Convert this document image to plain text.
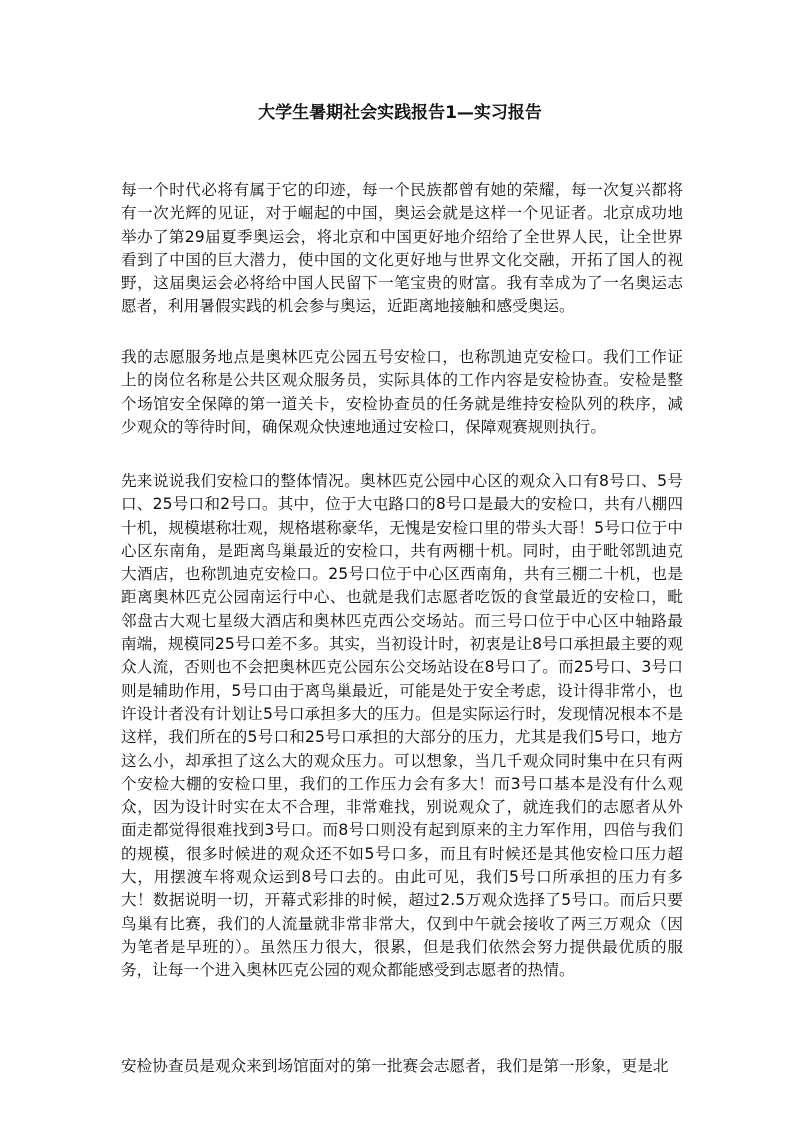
大学生暑期社会实践报告1—实习报告

每一个时代必将有属于它的印迹，每一个民族都曾有她的荣耀，每一次复兴都将有一次光辉的见证，对于崛起的中国，奥运会就是这样一个见证者。北京成功地举办了第29届夏季奥运会，将北京和中国更好地介绍给了全世界人民，让全世界看到了中国的巨大潜力，使中国的文化更好地与世界文化交融，开拓了国人的视野，这届奥运会必将给中国人民留下一笔宝贵的财富。我有幸成为了一名奥运志愿者，利用暑假实践的机会参与奥运，近距离地接触和感受奥运。

我的志愿服务地点是奥林匹克公园五号安检口，也称凯迪克安检口。我们工作证上的岗位名称是公共区观众服务员，实际具体的工作内容是安检协查。安检是整个场馆安全保障的第一道关卡，安检协查员的任务就是维持安检队列的秩序，减少观众的等待时间，确保观众快速地通过安检口，保障观赛规则执行。

先来说说我们安检口的整体情况。奥林匹克公园中心区的观众入口有8号口、5号口、25号口和2号口。其中，位于大屯路口的8号口是最大的安检口，共有八棚四十机，规模堪称壮观，规格堪称豪华，无愧是安检口里的带头大哥！5号口位于中心区东南角，是距离鸟巢最近的安检口，共有两棚十机。同时，由于毗邻凯迪克大酒店，也称凯迪克安检口。25号口位于中心区西南角，共有三棚二十机，也是距离奥林匹克公园南运行中心、也就是我们志愿者吃饭的食堂最近的安检口，毗邻盘古大观七星级大酒店和奥林匹克西公交场站。而三号口位于中心区中轴路最南端，规模同25号口差不多。其实，当初设计时，初衷是让8号口承担最主要的观众人流，否则也不会把奥林匹克公园东公交场站设在8号口了。而25号口、3号口则是辅助作用，5号口由于离鸟巢最近，可能是处于安全考虑，设计得非常小，也许设计者没有计划让5号口承担多大的压力。但是实际运行时，发现情况根本不是这样，我们所在的5号口和25号口承担的大部分的压力，尤其是我们5号口，地方这么小，却承担了这么大的观众压力。可以想象，当几千观众同时集中在只有两个安检大棚的安检口里，我们的工作压力会有多大！而3号口基本是没有什么观众，因为设计时实在太不合理，非常难找，别说观众了，就连我们的志愿者从外面走都觉得很难找到3号口。而8号口则没有起到原来的主力军作用，四倍与我们的规模，很多时候进的观众还不如5号口多，而且有时候还是其他安检口压力超大，用摆渡车将观众运到8号口去的。由此可见，我们5号口所承担的压力有多大！数据说明一切，开幕式彩排的时候，超过2.5万观众选择了5号口。而后只要鸟巢有比赛，我们的人流量就非常非常大，仅到中午就会接收了两三万观众（因为笔者是早班的）。虽然压力很大，很累，但是我们依然会努力提供最优质的服务，让每一个进入奥林匹克公园的观众都能感受到志愿者的热情。

安检协查员是观众来到场馆面对的第一批赛会志愿者，我们是第一形象，更是北
